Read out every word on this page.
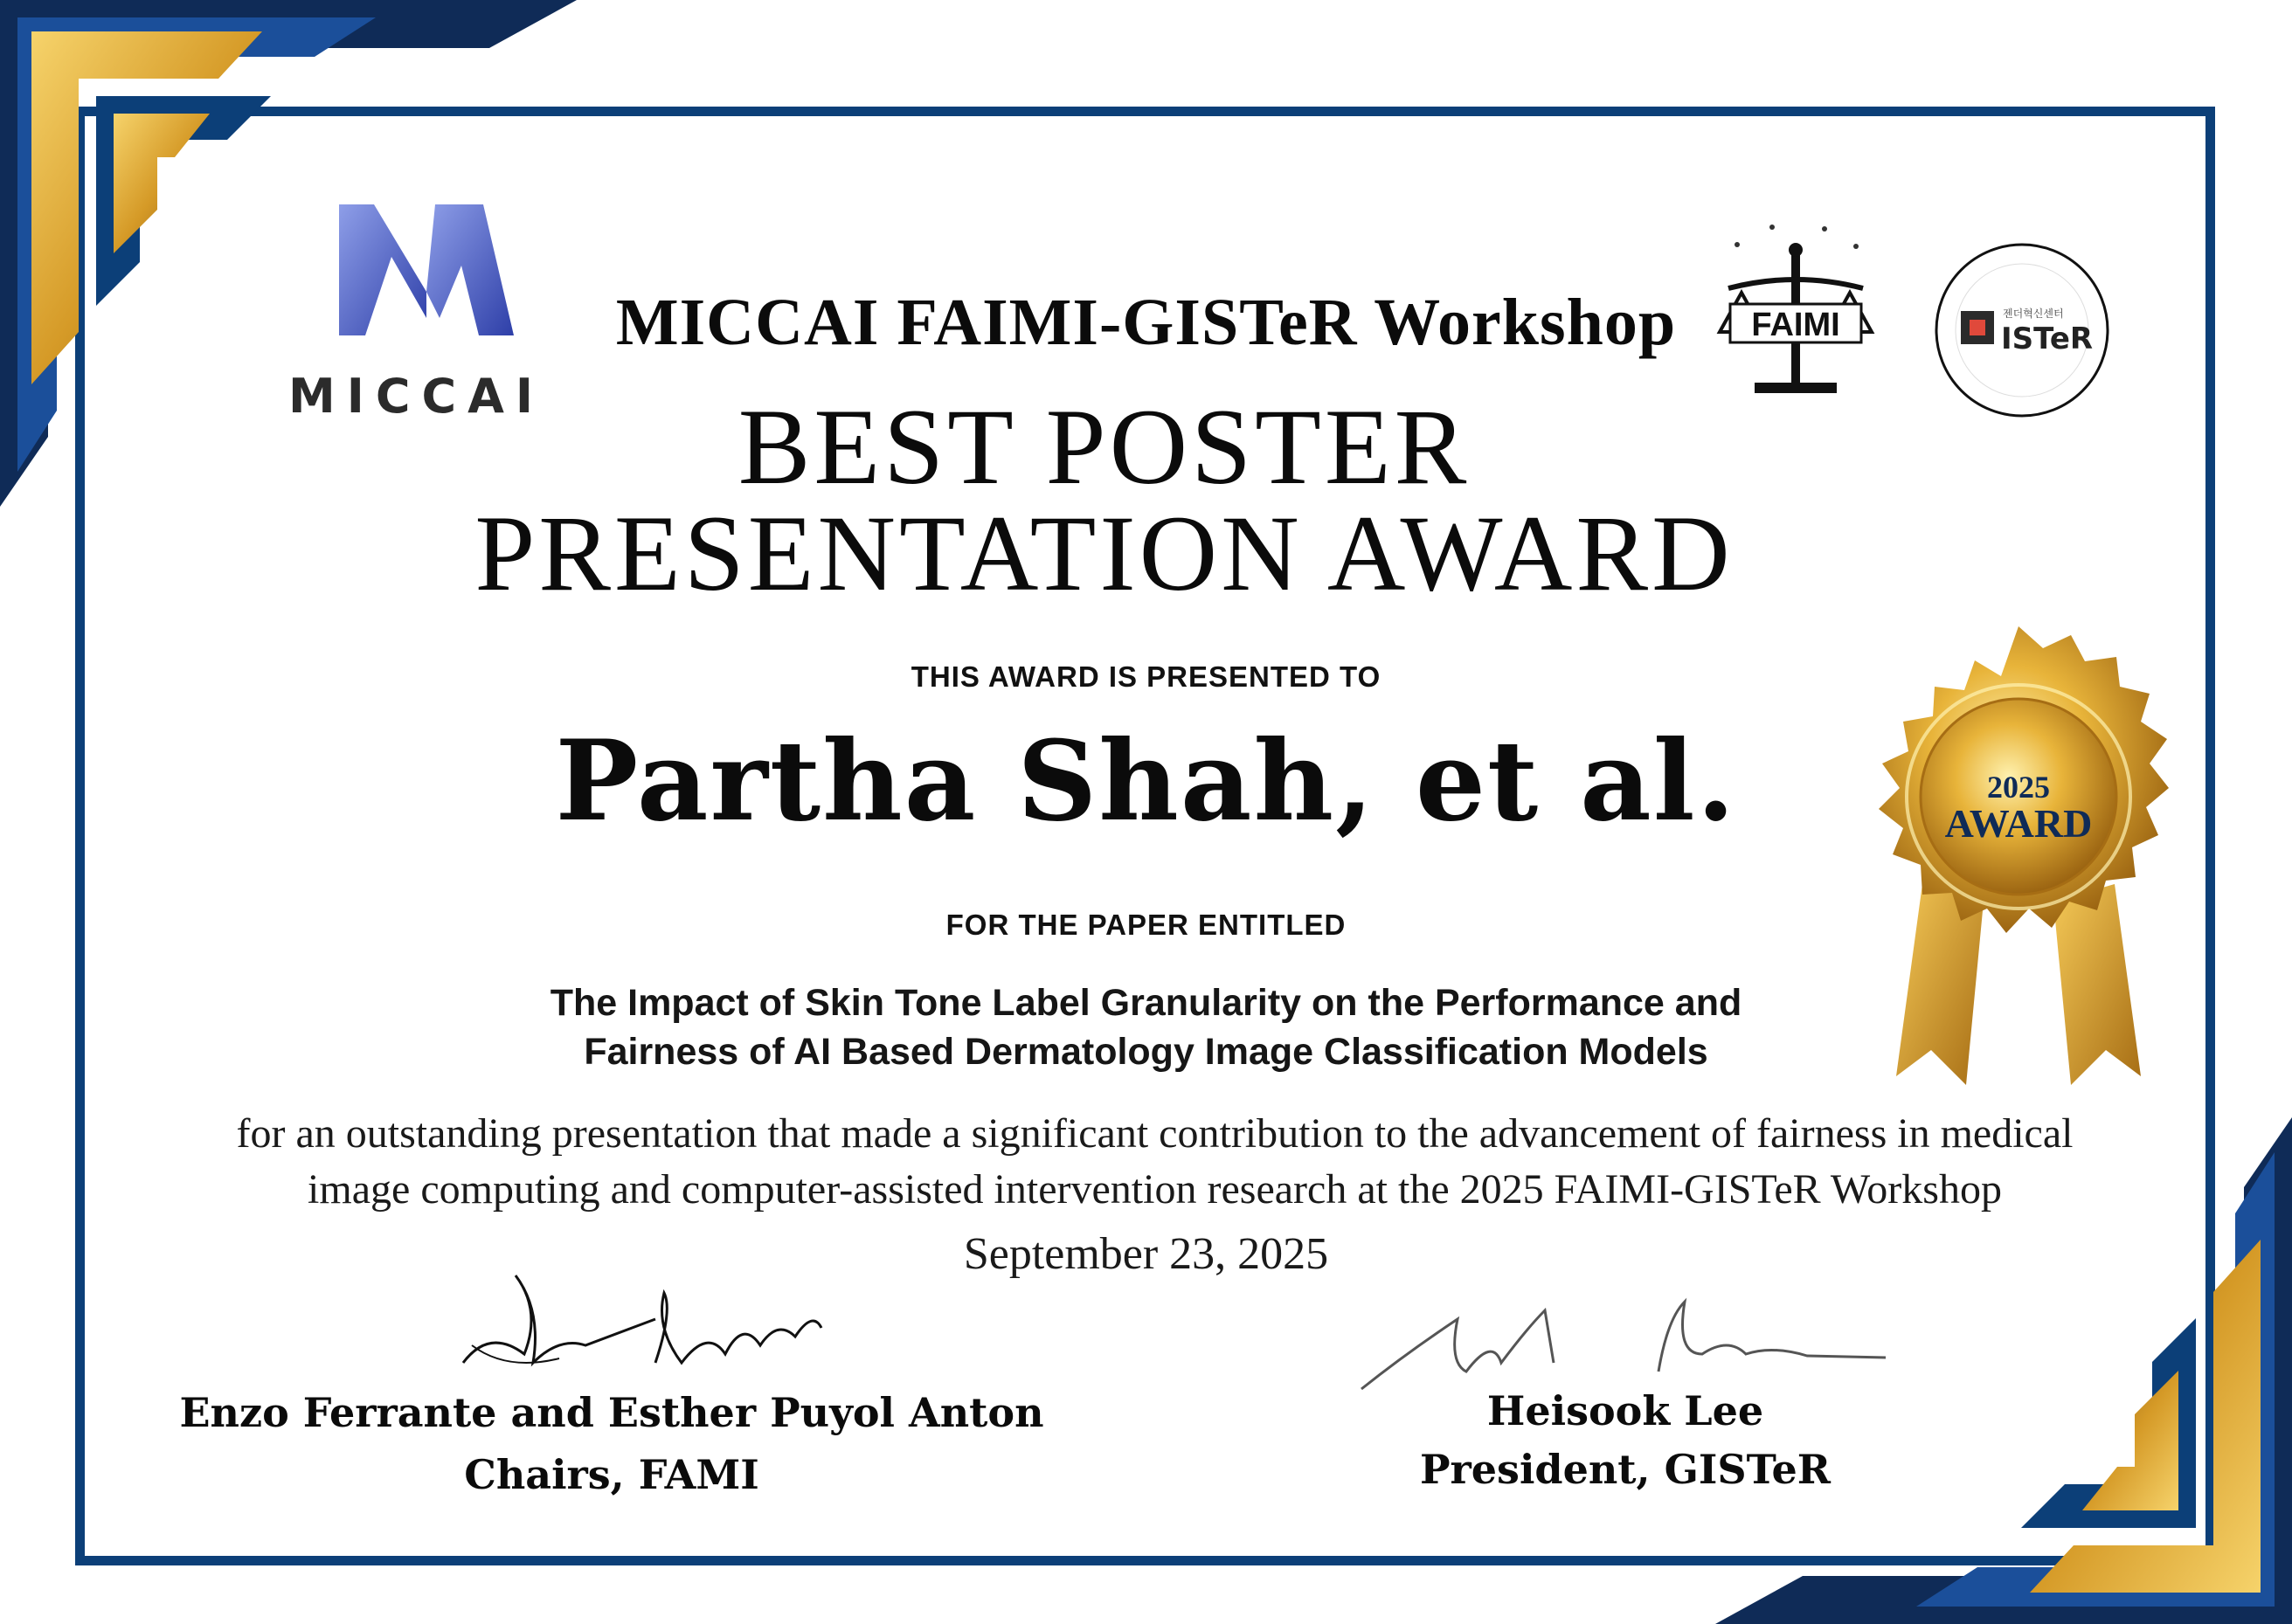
MICCAI
FAIMI	젠더혁신센터
ISTeR
MICCAI FAIMI-GISTeR Workshop
BEST POSTER
PRESENTATION AWARD
THIS AWARD IS PRESENTED TO
Partha Shah, et al.
FOR THE PAPER ENTITLED
The Impact of Skin Tone Label Granularity on the Performance and
Fairness of AI Based Dermatology Image Classification Models
for an outstanding presentation that made a significant contribution to the advancement of fairness in medical
image computing and computer-assisted intervention research at the 2025 FAIMI-GISTeR Workshop
September 23, 2025
Enzo Ferrante and Esther Puyol Anton
Chairs, FAMI
Heisook Lee
President, GISTeR
2025
AWARD
